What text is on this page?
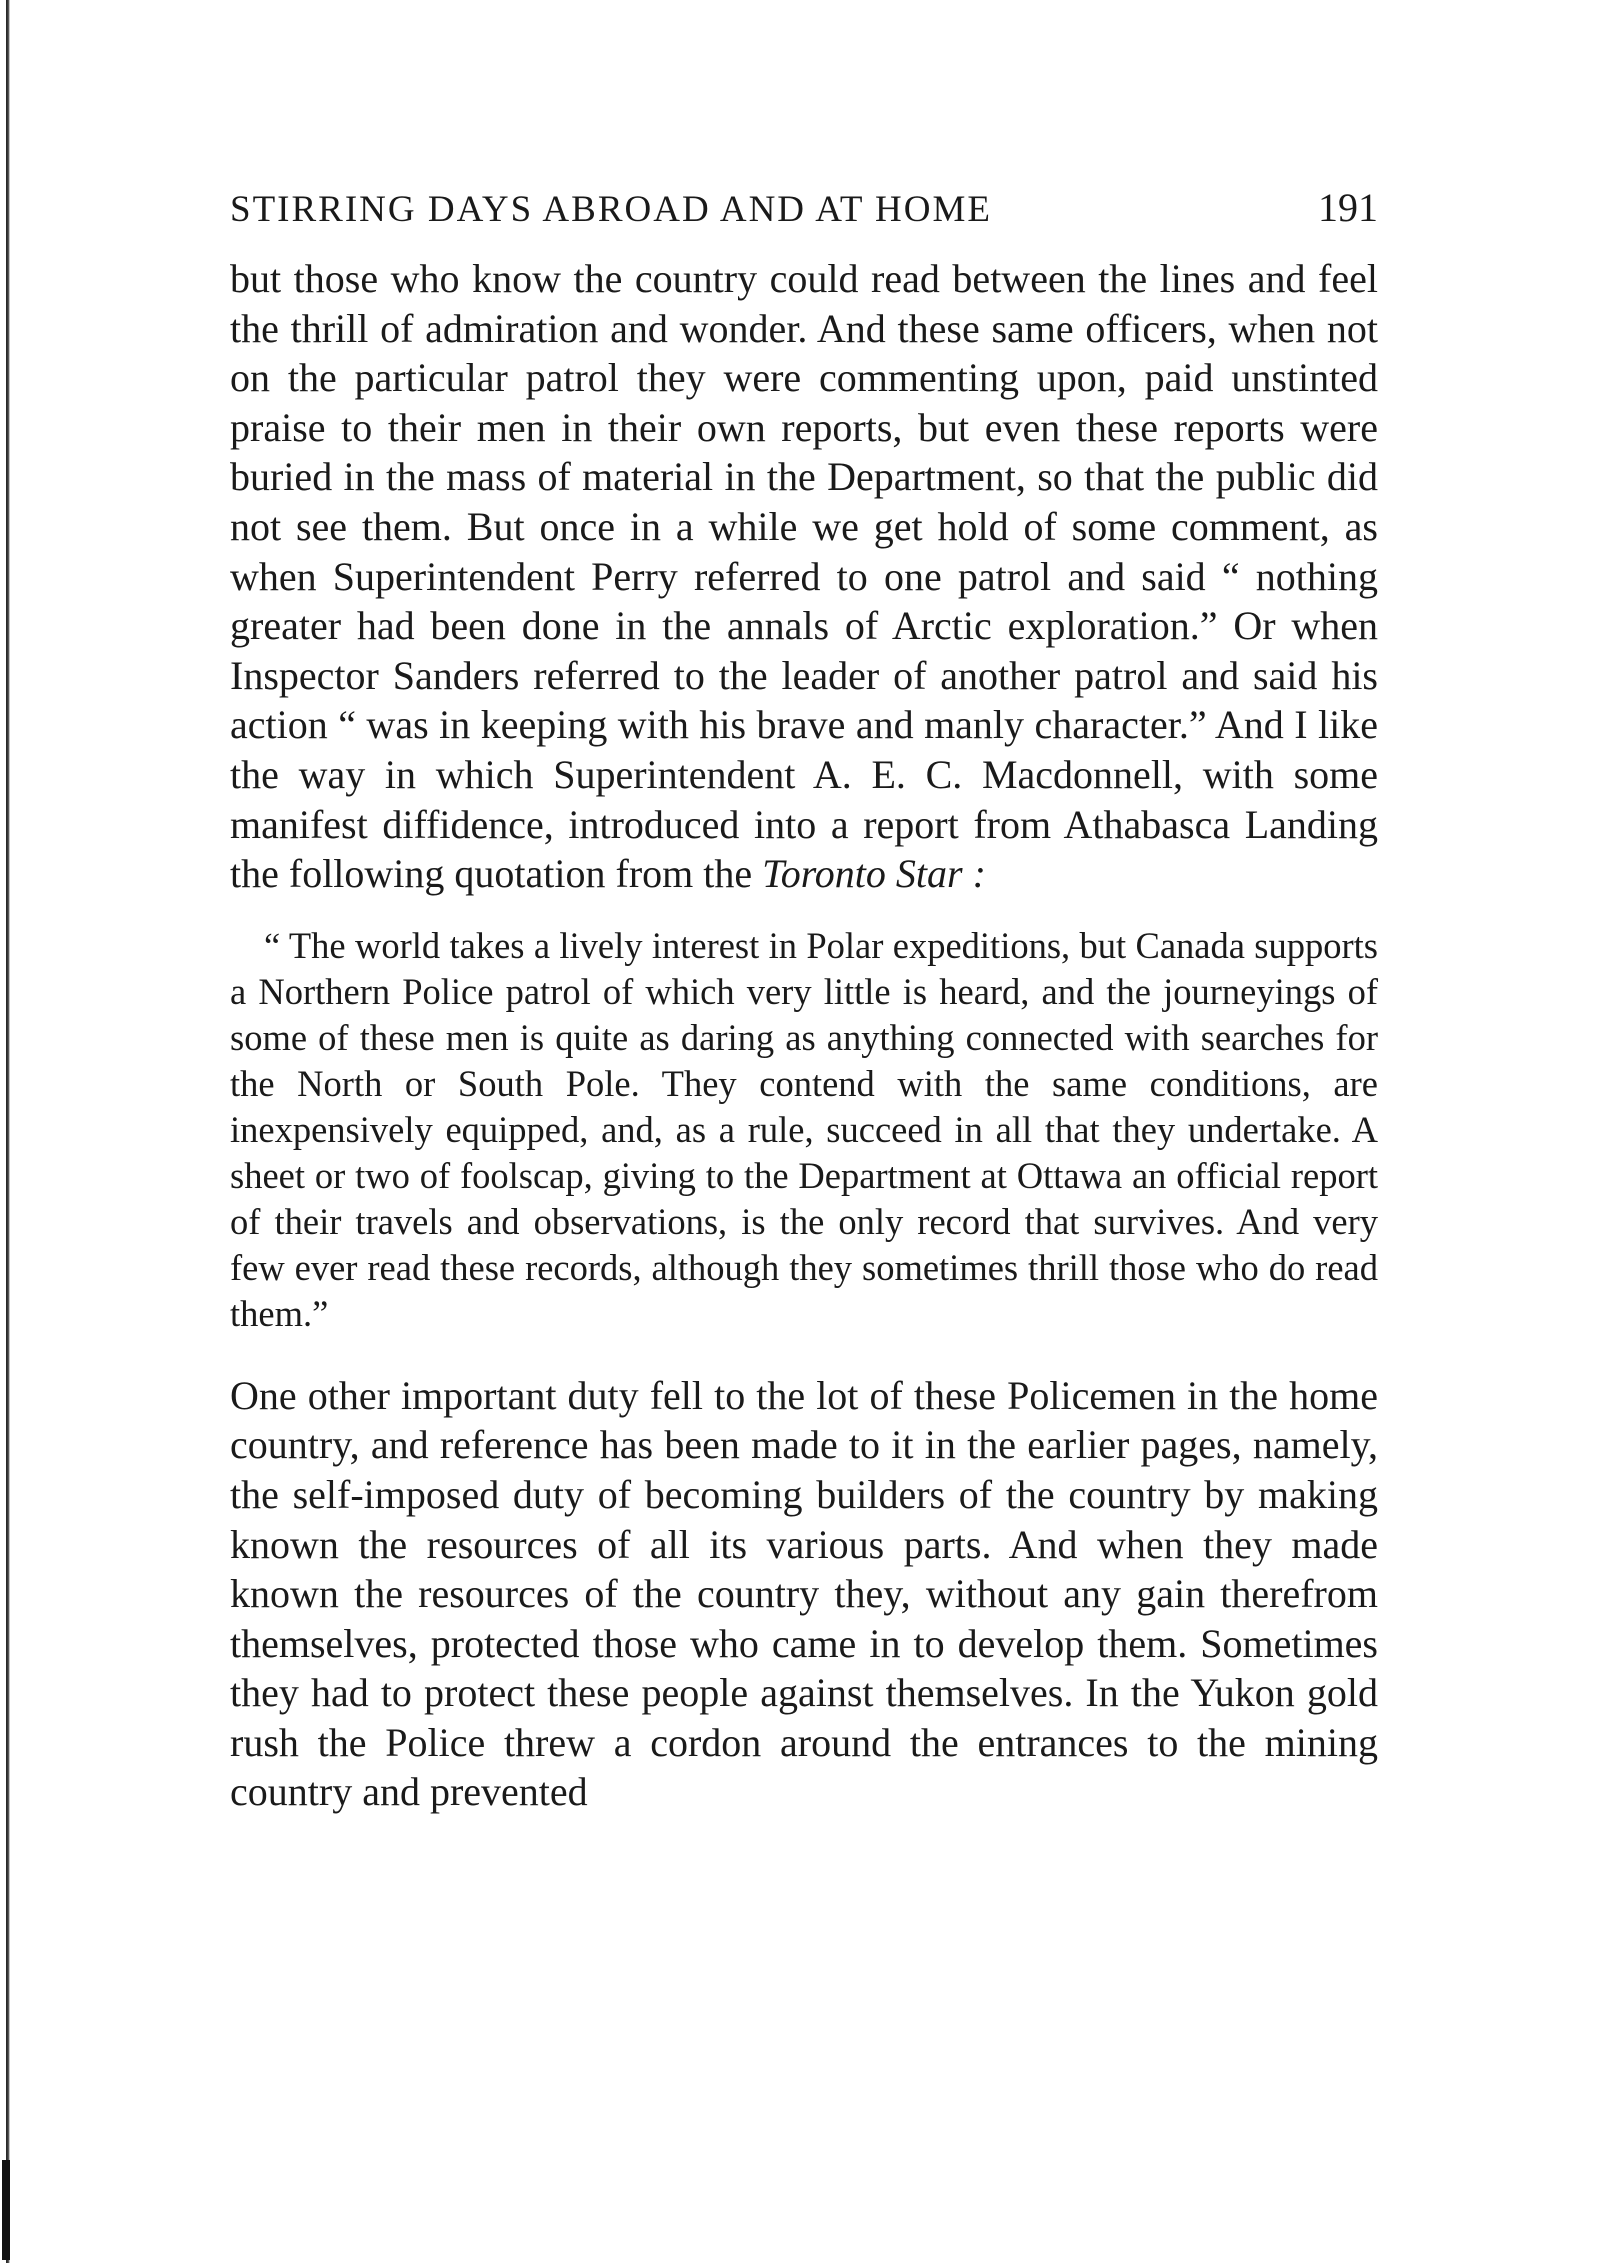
STIRRING DAYS ABROAD AND AT HOME	191

but those who know the country could read between the lines and feel the thrill of admiration and wonder. And these same officers, when not on the particular patrol they were commenting upon, paid unstinted praise to their men in their own reports, but even these reports were buried in the mass of material in the Department, so that the public did not see them. But once in a while we get hold of some comment, as when Superintendent Perry referred to one patrol and said “ nothing greater had been done in the annals of Arctic exploration.” Or when Inspector Sanders referred to the leader of another patrol and said his action “ was in keeping with his brave and manly character.” And I like the way in which Superintendent A. E. C. Macdonnell, with some manifest diffidence, introduced into a report from Athabasca Landing the following quotation from the Toronto Star :

“ The world takes a lively interest in Polar expeditions, but Canada supports a Northern Police patrol of which very little is heard, and the journeyings of some of these men is quite as daring as anything connected with searches for the North or South Pole. They contend with the same conditions, are inexpensively equipped, and, as a rule, succeed in all that they undertake. A sheet or two of foolscap, giving to the Department at Ottawa an official report of their travels and observations, is the only record that survives. And very few ever read these records, although they sometimes thrill those who do read them.”

One other important duty fell to the lot of these Policemen in the home country, and reference has been made to it in the earlier pages, namely, the self-imposed duty of becoming builders of the country by making known the resources of all its various parts. And when they made known the resources of the country they, without any gain therefrom themselves, protected those who came in to develop them. Sometimes they had to protect these people against themselves. In the Yukon gold rush the Police threw a cordon around the entrances to the mining country and prevented
